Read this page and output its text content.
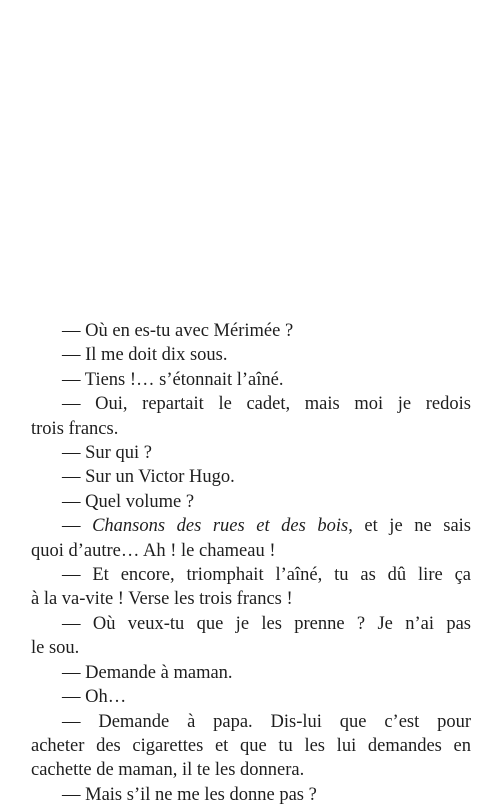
— Où en es-tu avec Mérimée ?

— Il me doit dix sous.

— Tiens !… s’étonnait l’aîné.

— Oui, repartait le cadet, mais moi je redois
trois francs.

— Sur qui ?

— Sur un Victor Hugo.

— Quel volume ?

— Chansons des rues et des bois, et je ne sais
quoi d’autre… Ah ! le chameau !

— Et encore, triomphait l’aîné, tu as dû lire ça
à la va-vite ! Verse les trois francs !

— Où veux-tu que je les prenne ? Je n’ai pas
le sou.

— Demande à maman.

— Oh…

— Demande à papa. Dis-lui que c’est pour
acheter des cigarettes et que tu les lui demandes en
cachette de maman, il te les donnera.

— Mais s’il ne me les donne pas ?
